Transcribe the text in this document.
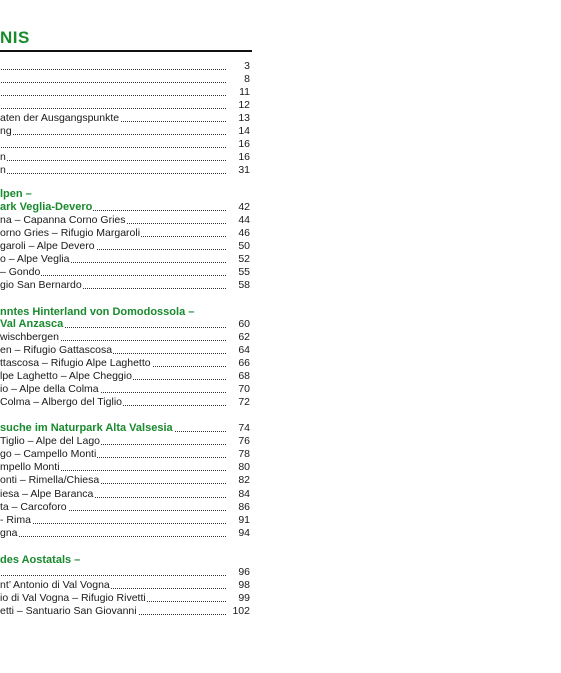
NIS
3
8
11
12
aten der Ausgangspunkte	13
ng	14
16
n	16
n	31
lpen –
ark Veglia-Devero	42
na – Capanna Corno Gries	44
orno Gries – Rifugio Margaroli	46
garoli – Alpe Devero	50
o – Alpe Veglia	52
– Gondo	55
gio San Bernardo	58
nntes Hinterland von Domodossola –
Val Anzasca	60
wischbergen	62
en – Rifugio Gattascosa	64
ttascosa – Rifugio Alpe Laghetto	66
lpe Laghetto – Alpe Cheggio	68
io – Alpe della Colma	70
Colma – Albergo del Tiglio	72
suche im Naturpark Alta Valsesia	74
Tiglio – Alpe del Lago	76
go – Campello Monti	78
mpello Monti	80
onti – Rimella/Chiesa	82
iesa – Alpe Baranca	84
ta – Carcoforo	86
- Rima	91
gna	94
des Aostatals –
96
nt’ Antonio di Val Vogna	98
io di Val Vogna – Rifugio Rivetti	99
etti – Santuario San Giovanni	102
